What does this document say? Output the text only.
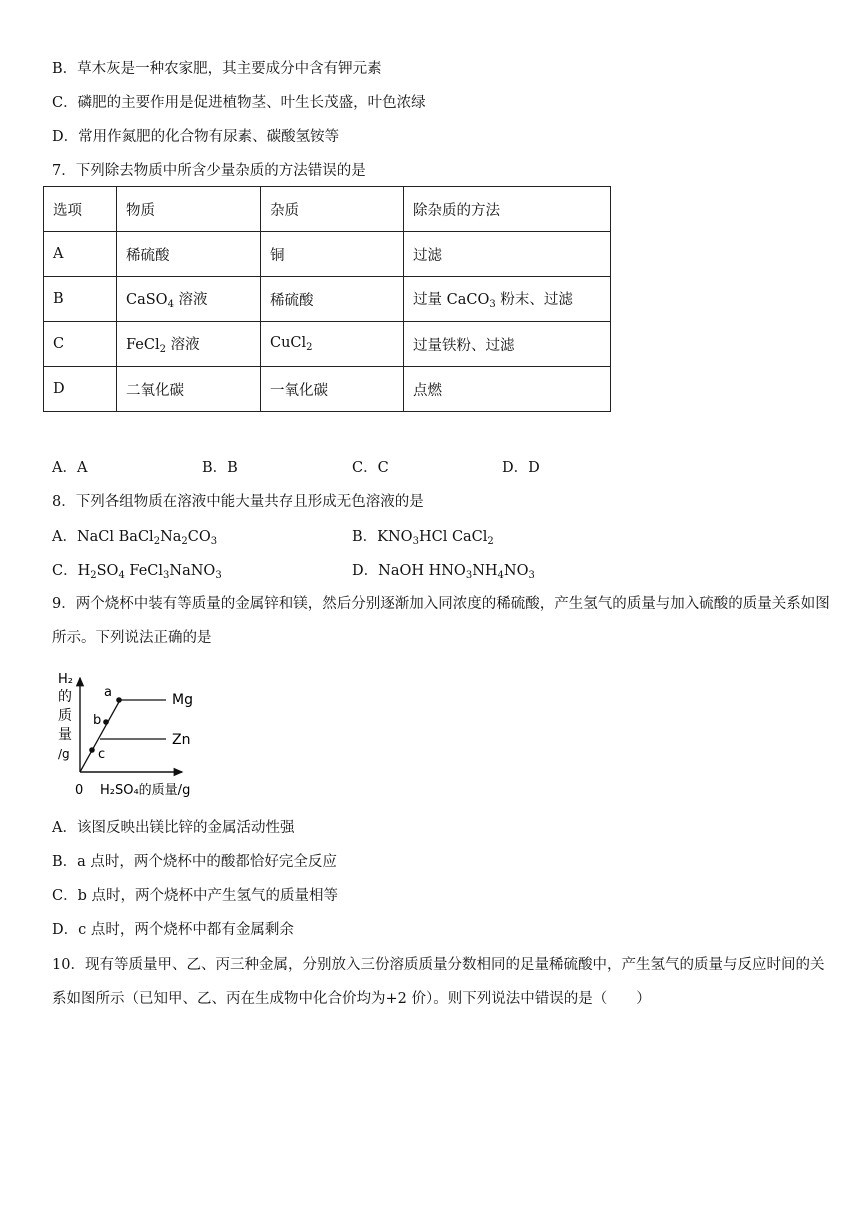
B．草木灰是一种农家肥，其主要成分中含有钾元素
C．磷肥的主要作用是促进植物茎、叶生长茂盛，叶色浓绿
D．常用作氮肥的化合物有尿素、碳酸氢铵等
7．下列除去物质中所含少量杂质的方法错误的是
选项	物质	杂质	除杂质的方法
A	稀硫酸	铜	过滤
B	CaSO$_4$ 溶液	稀硫酸	过量 CaCO$_3$ 粉末、过滤
C	FeCl$_2$ 溶液	CuCl$_2$	过量铁粉、过滤
D	二氧化碳	一氧化碳	点燃
A．A	B．B	C．C	D．D
8．下列各组物质在溶液中能大量共存且形成无色溶液的是
A．NaCl $BaCl_2Na_2CO_3$	B．$KNO_3HCl$ CaCl$_2$
C．$H_2SO_4$ FeCl$_3$NaNO$_3$	D．NaOH $HNO_3NH_4NO_3$
9．两个烧杯中装有等质量的金属锌和镁，然后分别逐渐加入同浓度的稀硫酸，产生氢气的质量与加入硫酸的质量关系如图所示。下列说法正确的是
H₂
的
质
量
/g
0 H₂SO₄的质量/g
Mg
Zn
a
b
c
A．该图反映出镁比锌的金属活动性强
B．a 点时，两个烧杯中的酸都恰好完全反应
C．b 点时，两个烧杯中产生氢气的质量相等
D．c 点时，两个烧杯中都有金属剩余
10．现有等质量甲、乙、丙三种金属，分别放入三份溶质质量分数相同的足量稀硫酸中，产生氢气的质量与反应时间的关系如图所示（已知甲、乙、丙在生成物中化合价均为+2 价）。则下列说法中错误的是（　　）
